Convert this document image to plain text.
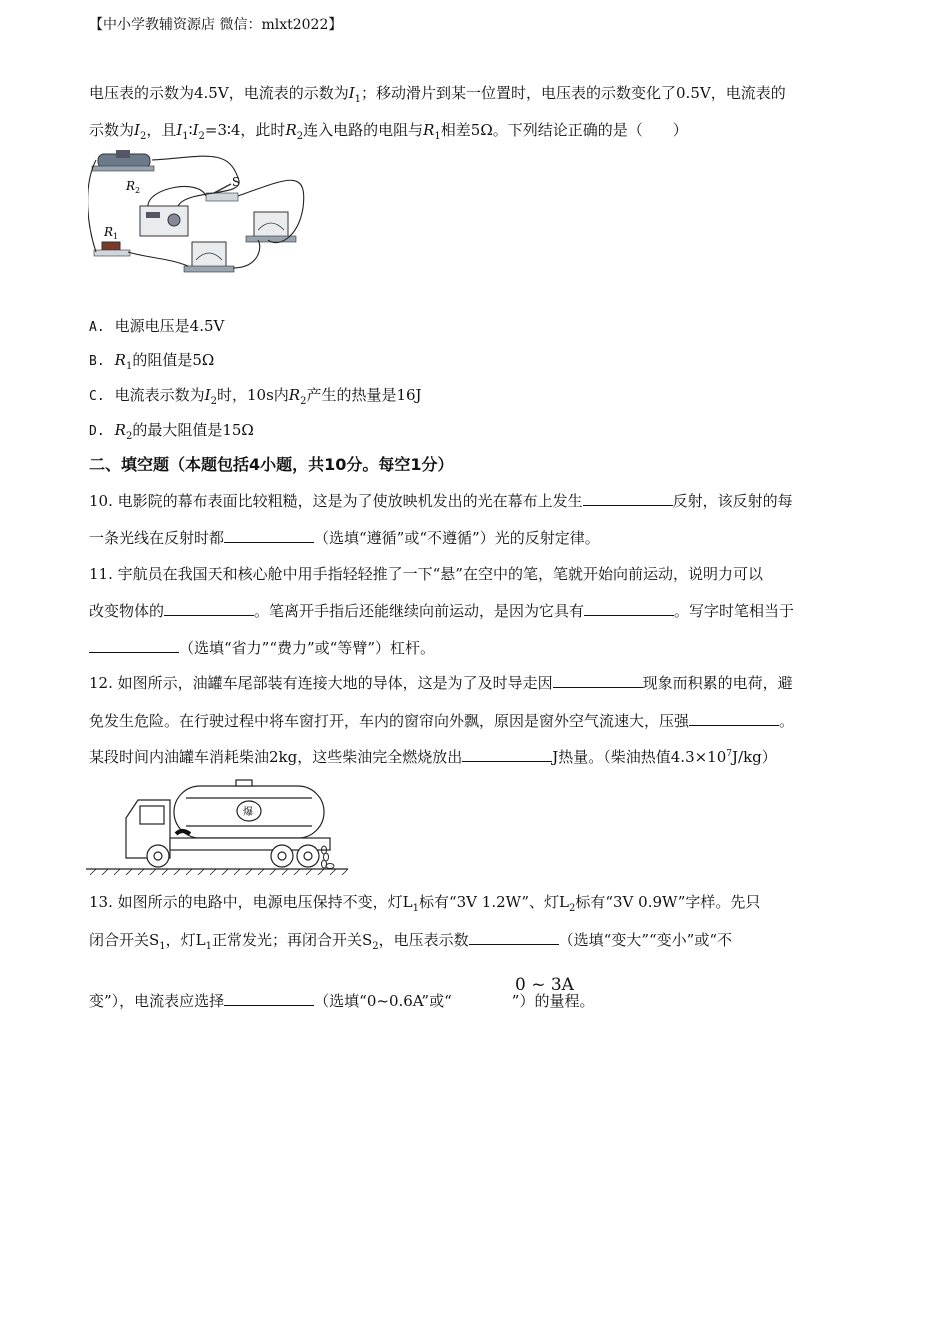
【中小学教辅资源店 微信：mlxt2022】
电压表的示数为4.5V，电流表的示数为$I_1$；移动滑片到某一位置时，电压表的示数变化了0.5V，电流表的
示数为$I_2$，且$I_1∶I_2=3∶4$，此时$R_2$连入电路的电阻与$R_1$相差5Ω。下列结论正确的是（　　）
R 2
S
R 1
A. 电源电压是4.5V
B. $R_1$的阻值是5Ω
C. 电流表示数为$I_2$时，10s内$R_2$产生的热量是16J
D. $R_2$的最大阻值是15Ω
二、填空题（本题包括4小题，共10分。每空1分）
10. 电影院的幕布表面比较粗糙，这是为了使放映机发出的光在幕布上发生	反射，该反射的每
一条光线在反射时都	（选填“遵循”或“不遵循”）光的反射定律。
11. 宇航员在我国天和核心舱中用手指轻轻推了一下“悬”在空中的笔，笔就开始向前运动，说明力可以
改变物体的	。笔离开手指后还能继续向前运动，是因为它具有	。写字时笔相当于
（选填“省力”“费力”或“等臂”）杠杆。
12. 如图所示，油罐车尾部装有连接大地的导体，这是为了及时导走因	现象而积累的电荷，避
免发生危险。在行驶过程中将车窗打开，车内的窗帘向外飘，原因是窗外空气流速大，压强	。
某段时间内油罐车消耗柴油2kg，这些柴油完全燃烧放出	J热量。（柴油热值$4.3\times 10^7J/kg$）
爆
13. 如图所示的电路中，电源电压保持不变，灯$L_1$标有“3V 1.2W”、灯$L_2$标有“3V 0.9W”字样。先只
闭合开关$S_1$，灯$L_1$正常发光；再闭合开关$S_2$，电压表示数	（选填“变大”“变小”或“不
0 ~ 3A
变”），电流表应选择	（选填“0~0.6A”或“	”）的量程。
